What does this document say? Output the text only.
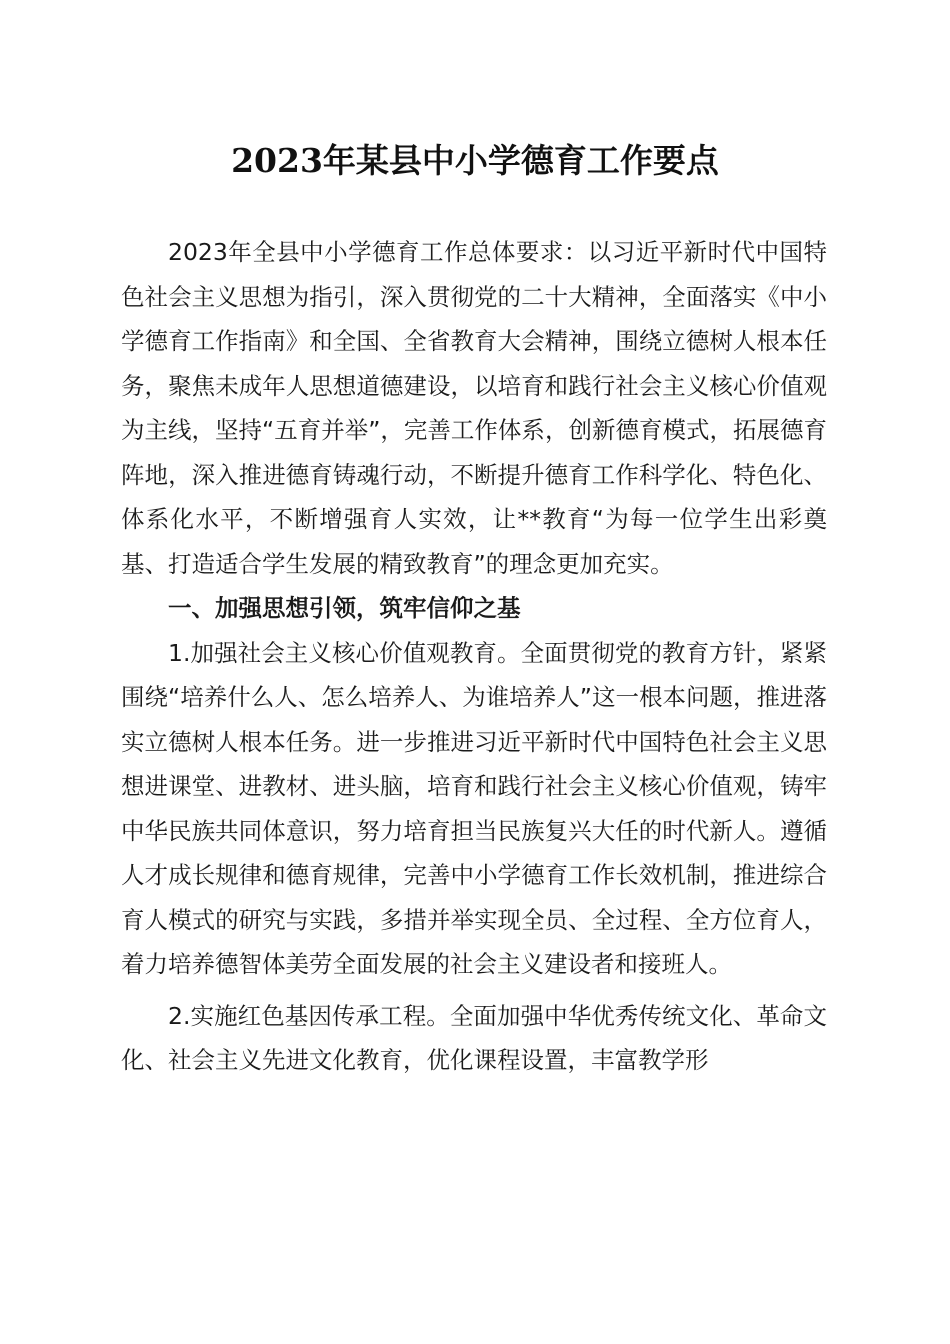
2023年某县中小学德育工作要点

2023年全县中小学德育工作总体要求：以习近平新时代中国特色社会主义思想为指引，深入贯彻党的二十大精神，全面落实《中小学德育工作指南》和全国、全省教育大会精神，围绕立德树人根本任务，聚焦未成年人思想道德建设，以培育和践行社会主义核心价值观为主线，坚持“五育并举”，完善工作体系，创新德育模式，拓展德育阵地，深入推进德育铸魂行动，不断提升德育工作科学化、特色化、体系化水平，不断增强育人实效，让**教育“为每一位学生出彩奠基、打造适合学生发展的精致教育”的理念更加充实。

一、加强思想引领，筑牢信仰之基

1.加强社会主义核心价值观教育。全面贯彻党的教育方针，紧紧围绕“培养什么人、怎么培养人、为谁培养人”这一根本问题，推进落实立德树人根本任务。进一步推进习近平新时代中国特色社会主义思想进课堂、进教材、进头脑，培育和践行社会主义核心价值观，铸牢中华民族共同体意识，努力培育担当民族复兴大任的时代新人。遵循人才成长规律和德育规律，完善中小学德育工作长效机制，推进综合育人模式的研究与实践，多措并举实现全员、全过程、全方位育人，着力培养德智体美劳全面发展的社会主义建设者和接班人。

2.实施红色基因传承工程。全面加强中华优秀传统文化、革命文化、社会主义先进文化教育，优化课程设置，丰富教学形
